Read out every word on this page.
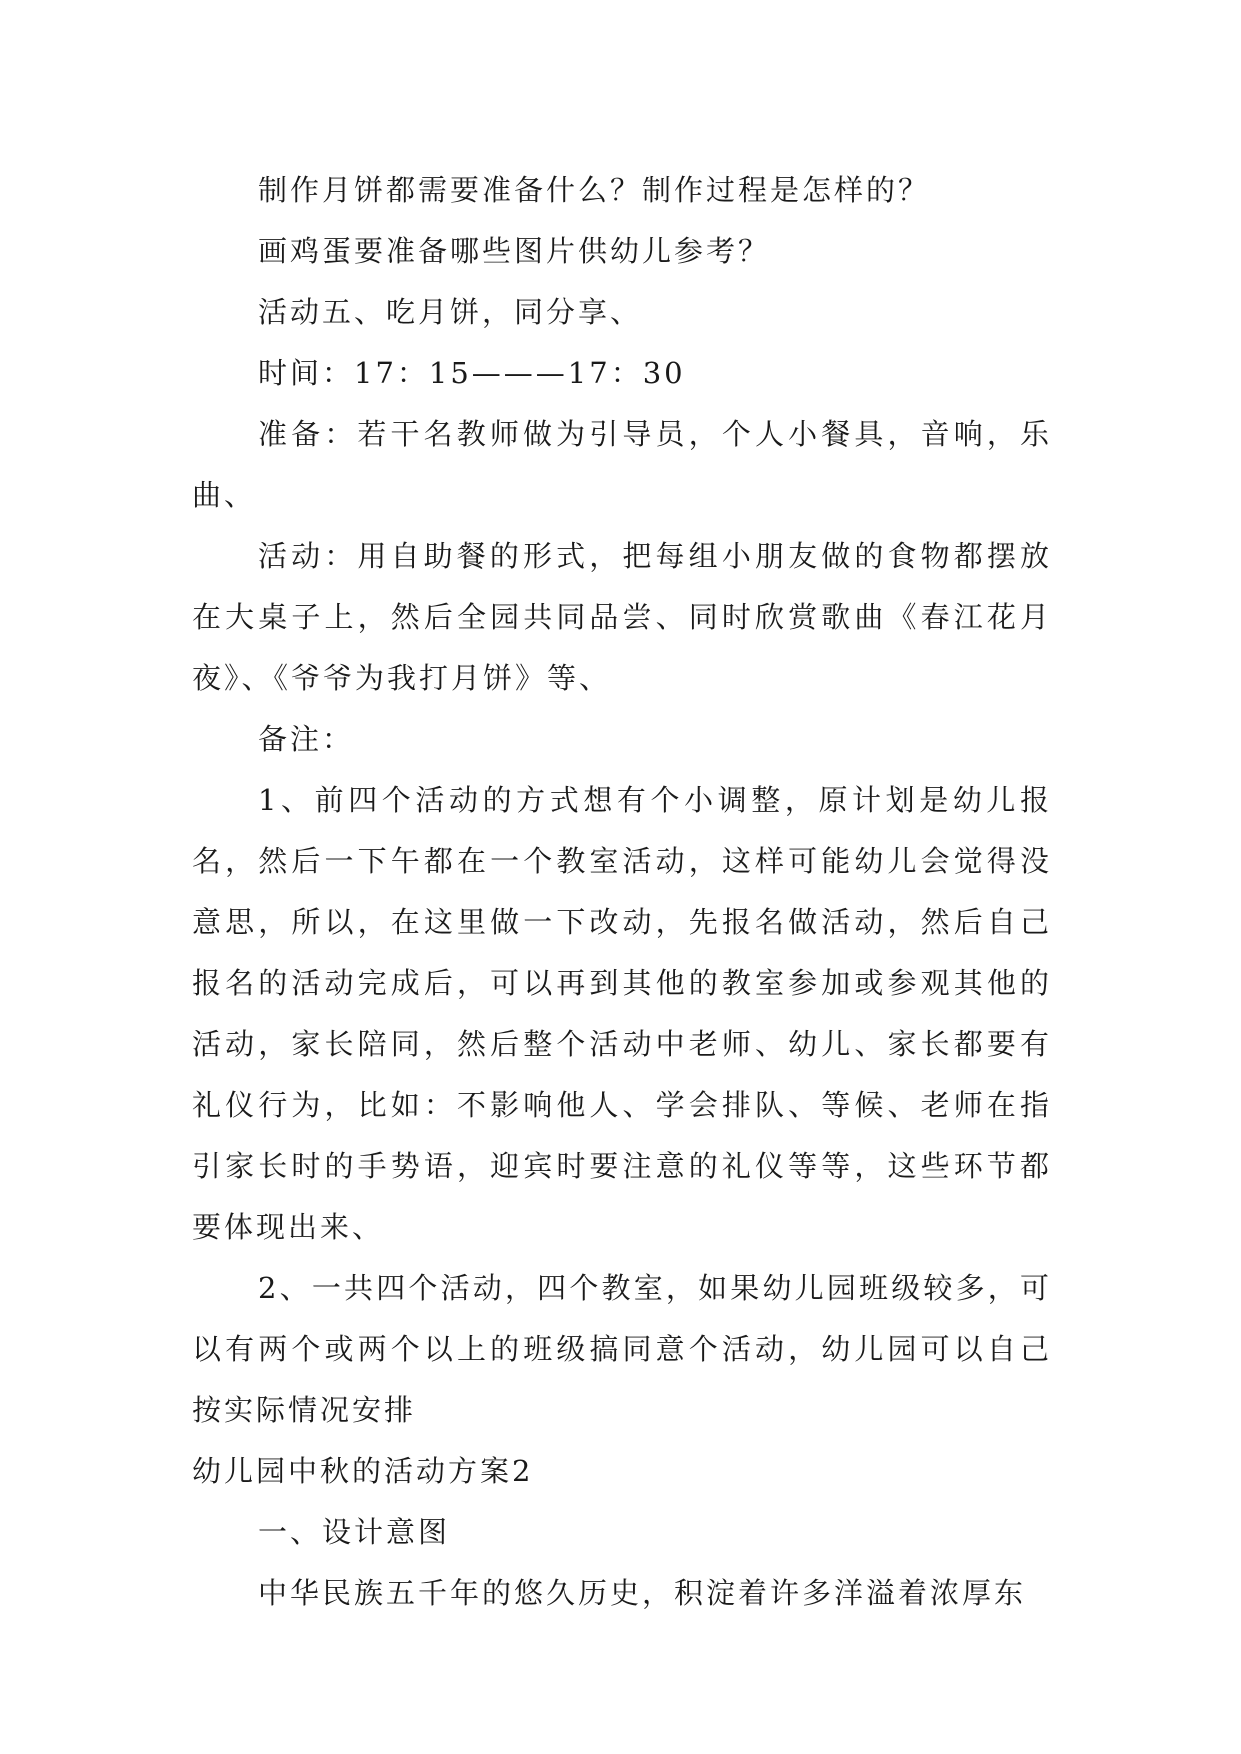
制作月饼都需要准备什么？制作过程是怎样的？

画鸡蛋要准备哪些图片供幼儿参考？

活动五、吃月饼，同分享、

时间：17：15———17：30

准备：若干名教师做为引导员，个人小餐具，音响，乐曲、

活动：用自助餐的形式，把每组小朋友做的食物都摆放在大桌子上，然后全园共同品尝、同时欣赏歌曲《春江花月夜》、《爷爷为我打月饼》等、

备注：

1、前四个活动的方式想有个小调整，原计划是幼儿报名，然后一下午都在一个教室活动，这样可能幼儿会觉得没意思，所以，在这里做一下改动，先报名做活动，然后自己报名的活动完成后，可以再到其他的教室参加或参观其他的活动，家长陪同，然后整个活动中老师、幼儿、家长都要有礼仪行为，比如：不影响他人、学会排队、等候、老师在指引家长时的手势语，迎宾时要注意的礼仪等等，这些环节都要体现出来、

2、一共四个活动，四个教室，如果幼儿园班级较多，可以有两个或两个以上的班级搞同意个活动，幼儿园可以自己按实际情况安排

幼儿园中秋的活动方案2

一、设计意图

中华民族五千年的悠久历史，积淀着许多洋溢着浓厚东
